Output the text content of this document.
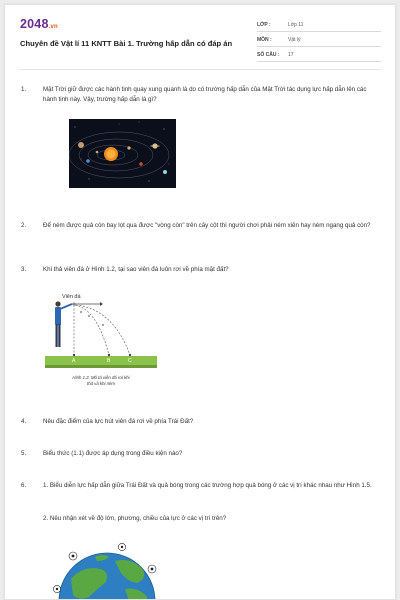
2048.vn
Chuyên đề Vật lí 11 KNTT Bài 1. Trường hấp dẫn có đáp án
LỚP :	Lớp 11
MÔN :	Vật lý
SỐ CÂU : 17
1.	Mặt Trời giữ được các hành tinh quay xung quanh là do có trường hấp dẫn của Mặt Trời tác dụng lực hấp dẫn lên các hành tinh này. Vậy, trường hấp dẫn là gì?
2.	Để ném được quả còn bay lọt qua được "vòng còn" trên cây cột thì người chơi phải ném xiên hay ném ngang quả còn?
3.	Khi thả viên đá ở Hình 1.2, tại sao viên đá luôn rơi về phía mặt đất?
Viên đá
A	B	C
Hình 1.2. Mô tả viên đá rơi khi
thả và khi ném
4.	Nêu đặc điểm của lực hút viên đá rơi về phía Trái Đất?
5.	Biểu thức (1.1) được áp dụng trong điều kiện nào?
6.	1. Biểu diễn lực hấp dẫn giữa Trái Đất và quả bóng trong các trường hợp quả bóng ở các vị trí khác nhau như Hình 1.5.
2. Nêu nhận xét về độ lớn, phương, chiều của lực ở các vị trí trên?
